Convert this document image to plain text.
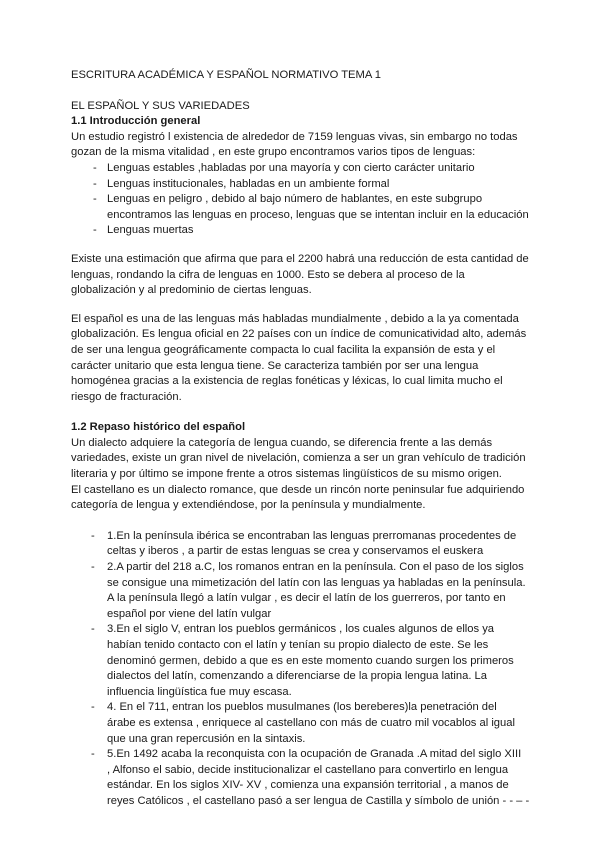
ESCRITURA ACADÉMICA Y ESPAÑOL NORMATIVO TEMA 1
EL ESPAÑOL Y SUS VARIEDADES
1.1 Introducción general
Un estudio registró l existencia de alrededor de 7159 lenguas vivas, sin embargo no todas
gozan de la misma vitalidad , en este grupo encontramos varios tipos de lenguas:
- Lenguas estables ,habladas por una mayoría y con cierto carácter unitario
- Lenguas institucionales, habladas en un ambiente formal
- Lenguas en peligro , debido al bajo número de hablantes, en este subgrupo
encontramos las lenguas en proceso, lenguas que se intentan incluir en la educación
- Lenguas muertas
Existe una estimación que afirma que para el 2200 habrá una reducción de esta cantidad de
lenguas, rondando la cifra de lenguas en 1000. Esto se debera al proceso de la
globalización y al predominio de ciertas lenguas.
El español es una de las lenguas más habladas mundialmente , debido a la ya comentada
globalización. Es lengua oficial en 22 países con un índice de comunicatividad alto, además
de ser una lengua geográficamente compacta lo cual facilita la expansión de esta y el
carácter unitario que esta lengua tiene. Se caracteriza también por ser una lengua
homogénea gracias a la existencia de reglas fonéticas y léxicas, lo cual limita mucho el
riesgo de fracturación.
1.2 Repaso histórico del español
Un dialecto adquiere la categoría de lengua cuando, se diferencia frente a las demás
variedades, existe un gran nivel de nivelación, comienza a ser un gran vehículo de tradición
literaria y por último se impone frente a otros sistemas lingüísticos de su mismo origen.
El castellano es un dialecto romance, que desde un rincón norte peninsular fue adquiriendo
categoría de lengua y extendiéndose, por la península y mundialmente.
- 1.En la península ibérica se encontraban las lenguas prerromanas procedentes de
celtas y iberos , a partir de estas lenguas se crea y conservamos el euskera
- 2.A partir del 218 a.C, los romanos entran en la península. Con el paso de los siglos
se consigue una mimetización del latín con las lenguas ya habladas en la península.
A la península llegó a latín vulgar , es decir el latín de los guerreros, por tanto en
español por viene del latín vulgar
- 3.En el siglo V, entran los pueblos germánicos , los cuales algunos de ellos ya
habían tenido contacto con el latín y tenían su propio dialecto de este. Se les
denominó germen, debido a que es en este momento cuando surgen los primeros
dialectos del latín, comenzando a diferenciarse de la propia lengua latina. La
influencia lingüística fue muy escasa.
- 4. En el 711, entran los pueblos musulmanes (los bereberes)la penetración del
árabe es extensa , enriquece al castellano con más de cuatro mil vocablos al igual
que una gran repercusión en la sintaxis.
- 5.En 1492 acaba la reconquista con la ocupación de Granada .A mitad del siglo XIII
, Alfonso el sabio, decide institucionalizar el castellano para convertirlo en lengua
estándar. En los siglos XIV- XV , comienza una expansión territorial , a manos de
reyes Católicos , el castellano pasó a ser lengua de Castilla y símbolo de unión - - – -
